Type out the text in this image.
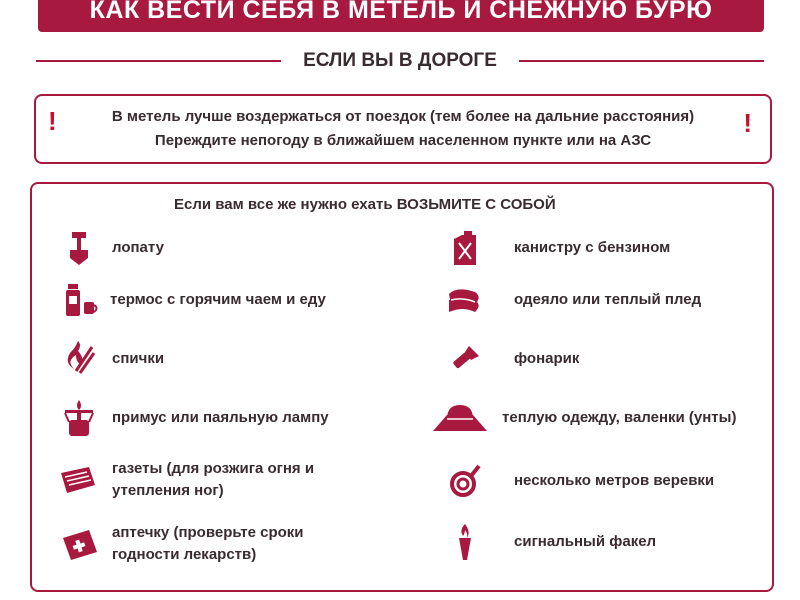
КАК ВЕСТИ СЕБЯ В МЕТЕЛЬ И СНЕЖНУЮ БУРЮ
ЕСЛИ ВЫ В ДОРОГЕ
!	В метель лучше воздержаться от поездок (тем более на дальние расстояния)
Переждите непогоду в ближайшем населенном пункте или на АЗС
!
Если вам все же нужно ехать ВОЗЬМИТЕ С СОБОЙ
лопату
термос с горячим чаем и еду
спички
примус или паяльную лампу
газеты (для розжига огня и утепления ног)
аптечку (проверьте сроки годности лекарств)
канистру с бензином
одеяло или теплый плед
фонарик
теплую одежду, валенки (унты)
несколько метров веревки
сигнальный факел
